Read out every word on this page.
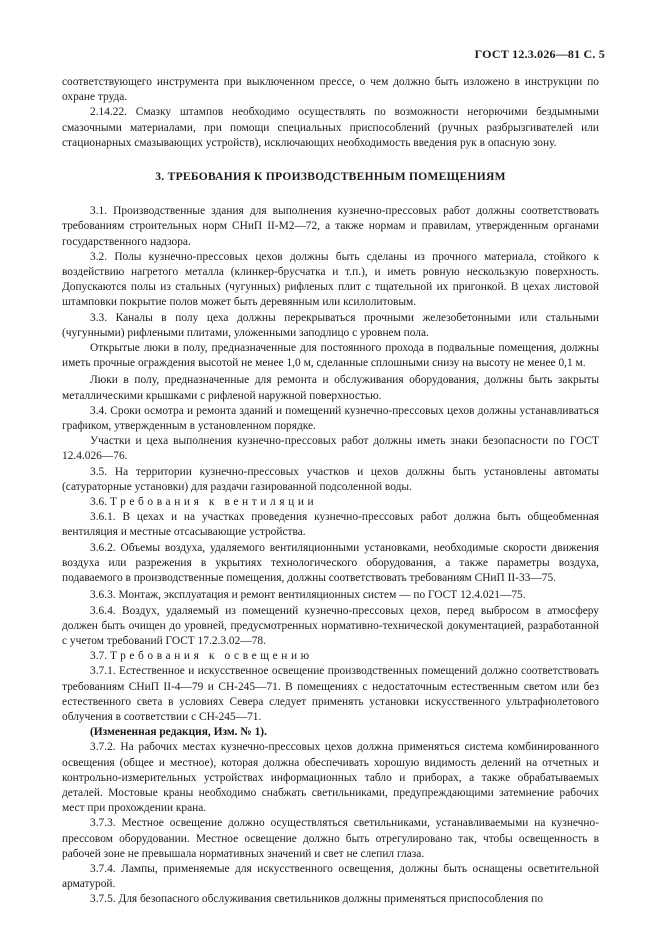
ГОСТ 12.3.026—81 С. 5

соответствующего инструмента при выключенном прессе, о чем должно быть изложено в инструкции по охране труда.

2.14.22. Смазку штампов необходимо осуществлять по возможности негорючими бездымными смазочными материалами, при помощи специальных приспособлений (ручных разбрызгивателей или стационарных смазывающих устройств), исключающих необходимость введения рук в опасную зону.

3. ТРЕБОВАНИЯ К ПРОИЗВОДСТВЕННЫМ ПОМЕЩЕНИЯМ

3.1. Производственные здания для выполнения кузнечно-прессовых работ должны соответствовать требованиям строительных норм СНиП II-М2—72, а также нормам и правилам, утвержденным органами государственного надзора.

3.2. Полы кузнечно-прессовых цехов должны быть сделаны из прочного материала, стойкого к воздействию нагретого металла (клинкер-брусчатка и т.п.), и иметь ровную нескользкую поверхность. Допускаются полы из стальных (чугунных) рифленых плит с тщательной их пригонкой. В цехах листовой штамповки покрытие полов может быть деревянным или ксилолитовым.

3.3. Каналы в полу цеха должны перекрываться прочными железобетонными или стальными (чугунными) рифлеными плитами, уложенными заподлицо с уровнем пола.

Открытые люки в полу, предназначенные для постоянного прохода в подвальные помещения, должны иметь прочные ограждения высотой не менее 1,0 м, сделанные сплошными снизу на высоту не менее 0,1 м.

Люки в полу, предназначенные для ремонта и обслуживания оборудования, должны быть закрыты металлическими крышками с рифленой наружной поверхностью.

3.4. Сроки осмотра и ремонта зданий и помещений кузнечно-прессовых цехов должны устанавливаться графиком, утвержденным в установленном порядке.

Участки и цеха выполнения кузнечно-прессовых работ должны иметь знаки безопасности по ГОСТ 12.4.026—76.

3.5. На территории кузнечно-прессовых участков и цехов должны быть установлены автоматы (сатураторные установки) для раздачи газированной подсоленной воды.

3.6. Требования к вентиляции

3.6.1. В цехах и на участках проведения кузнечно-прессовых работ должна быть общеобменная вентиляция и местные отсасывающие устройства.

3.6.2. Объемы воздуха, удаляемого вентиляционными установками, необходимые скорости движения воздуха или разрежения в укрытиях технологического оборудования, а также параметры воздуха, подаваемого в производственные помещения, должны соответствовать требованиям СНиП II-33—75.

3.6.3. Монтаж, эксплуатация и ремонт вентиляционных систем — по ГОСТ 12.4.021—75.

3.6.4. Воздух, удаляемый из помещений кузнечно-прессовых цехов, перед выбросом в атмосферу должен быть очищен до уровней, предусмотренных нормативно-технической документацией, разработанной с учетом требований ГОСТ 17.2.3.02—78.

3.7. Требования к освещению

3.7.1. Естественное и искусственное освещение производственных помещений должно соответствовать требованиям СНиП II-4—79 и СН-245—71. В помещениях с недостаточным естественным светом или без естественного света в условиях Севера следует применять установки искусственного ультрафиолетового облучения в соответствии с СН-245—71.

(Измененная редакция, Изм. № 1).

3.7.2. На рабочих местах кузнечно-прессовых цехов должна применяться система комбинированного освещения (общее и местное), которая должна обеспечивать хорошую видимость делений на отчетных и контрольно-измерительных устройствах информационных табло и приборах, а также обрабатываемых деталей. Мостовые краны необходимо снабжать светильниками, предупреждающими затемнение рабочих мест при прохождении крана.

3.7.3. Местное освещение должно осуществляться светильниками, устанавливаемыми на кузнечно-прессовом оборудовании. Местное освещение должно быть отрегулировано так, чтобы освещенность в рабочей зоне не превышала нормативных значений и свет не слепил глаза.

3.7.4. Лампы, применяемые для искусственного освещения, должны быть оснащены осветительной арматурой.

3.7.5. Для безопасного обслуживания светильников должны применяться приспособления по
